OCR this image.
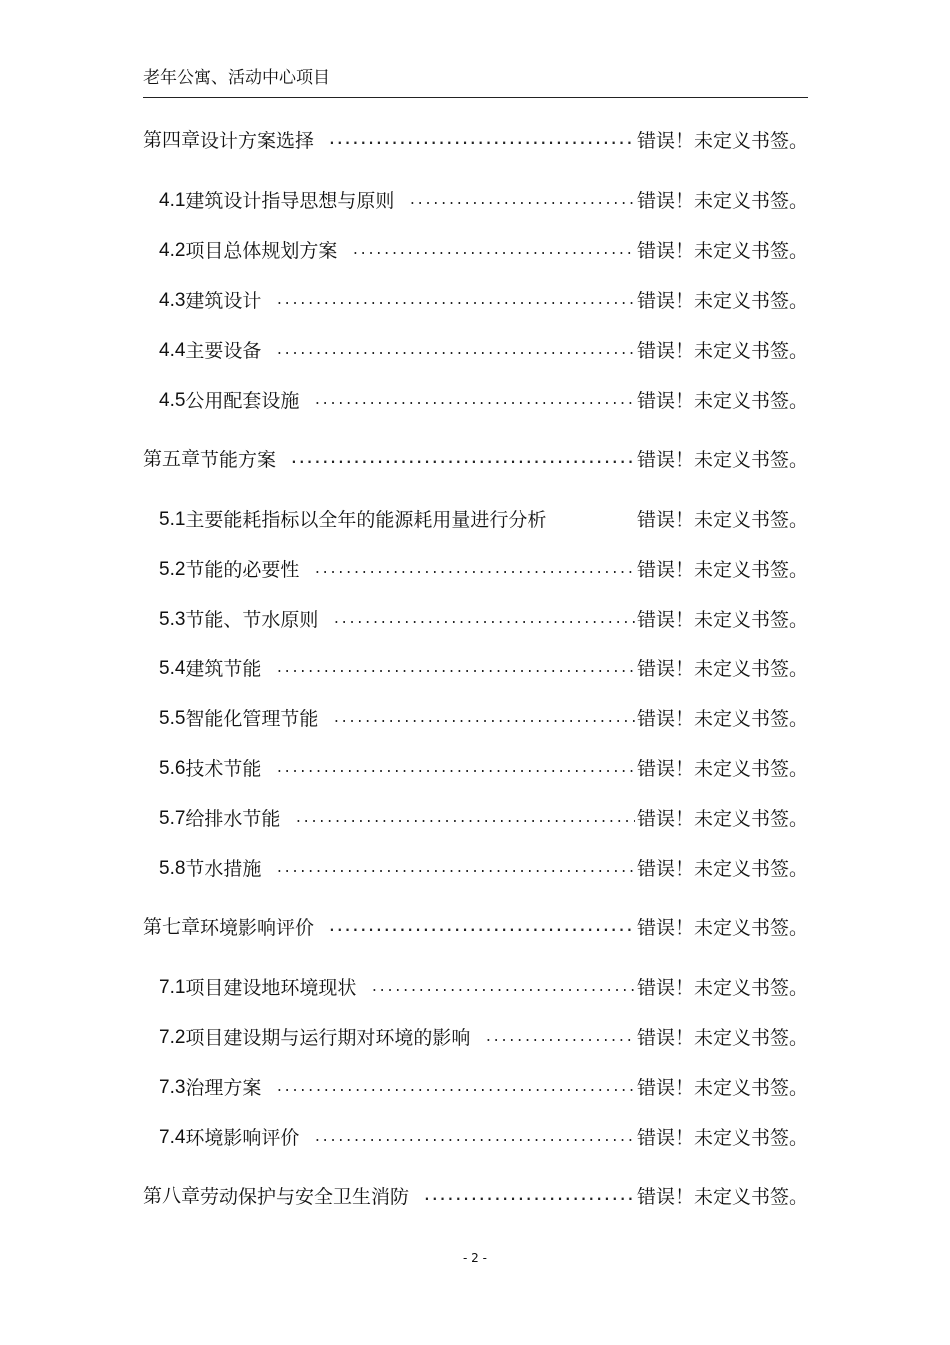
老年公寓、活动中心项目
第四章 设计方案选择 .....	错误！未定义书签。
4.1 建筑设计指导思想与原则 .....	错误！未定义书签。
4.2 项目总体规划方案 .....	错误！未定义书签。
4.3 建筑设计 .....	错误！未定义书签。
4.4 主要设备 .....	错误！未定义书签。
4.5 公用配套设施 .....	错误！未定义书签。
第五章 节能方案 .....	错误！未定义书签。
5.1 主要能耗指标以全年的能源耗用量进行分析	错误！未定义书签。
5.2 节能的必要性 .....	错误！未定义书签。
5.3 节能、节水原则 .....	错误！未定义书签。
5.4 建筑节能 .....	错误！未定义书签。
5.5 智能化管理节能 .....	错误！未定义书签。
5.6 技术节能 .....	错误！未定义书签。
5.7 给排水节能 .....	错误！未定义书签。
5.8 节水措施 .....	错误！未定义书签。
第七章 环境影响评价 .....	错误！未定义书签。
7.1 项目建设地环境现状 .....	错误！未定义书签。
7.2 项目建设期与运行期对环境的影响 .....	错误！未定义书签。
7.3 治理方案 .....	错误！未定义书签。
7.4 环境影响评价 .....	错误！未定义书签。
第八章 劳动保护与安全卫生消防 .....	错误！未定义书签。
- 2 -
